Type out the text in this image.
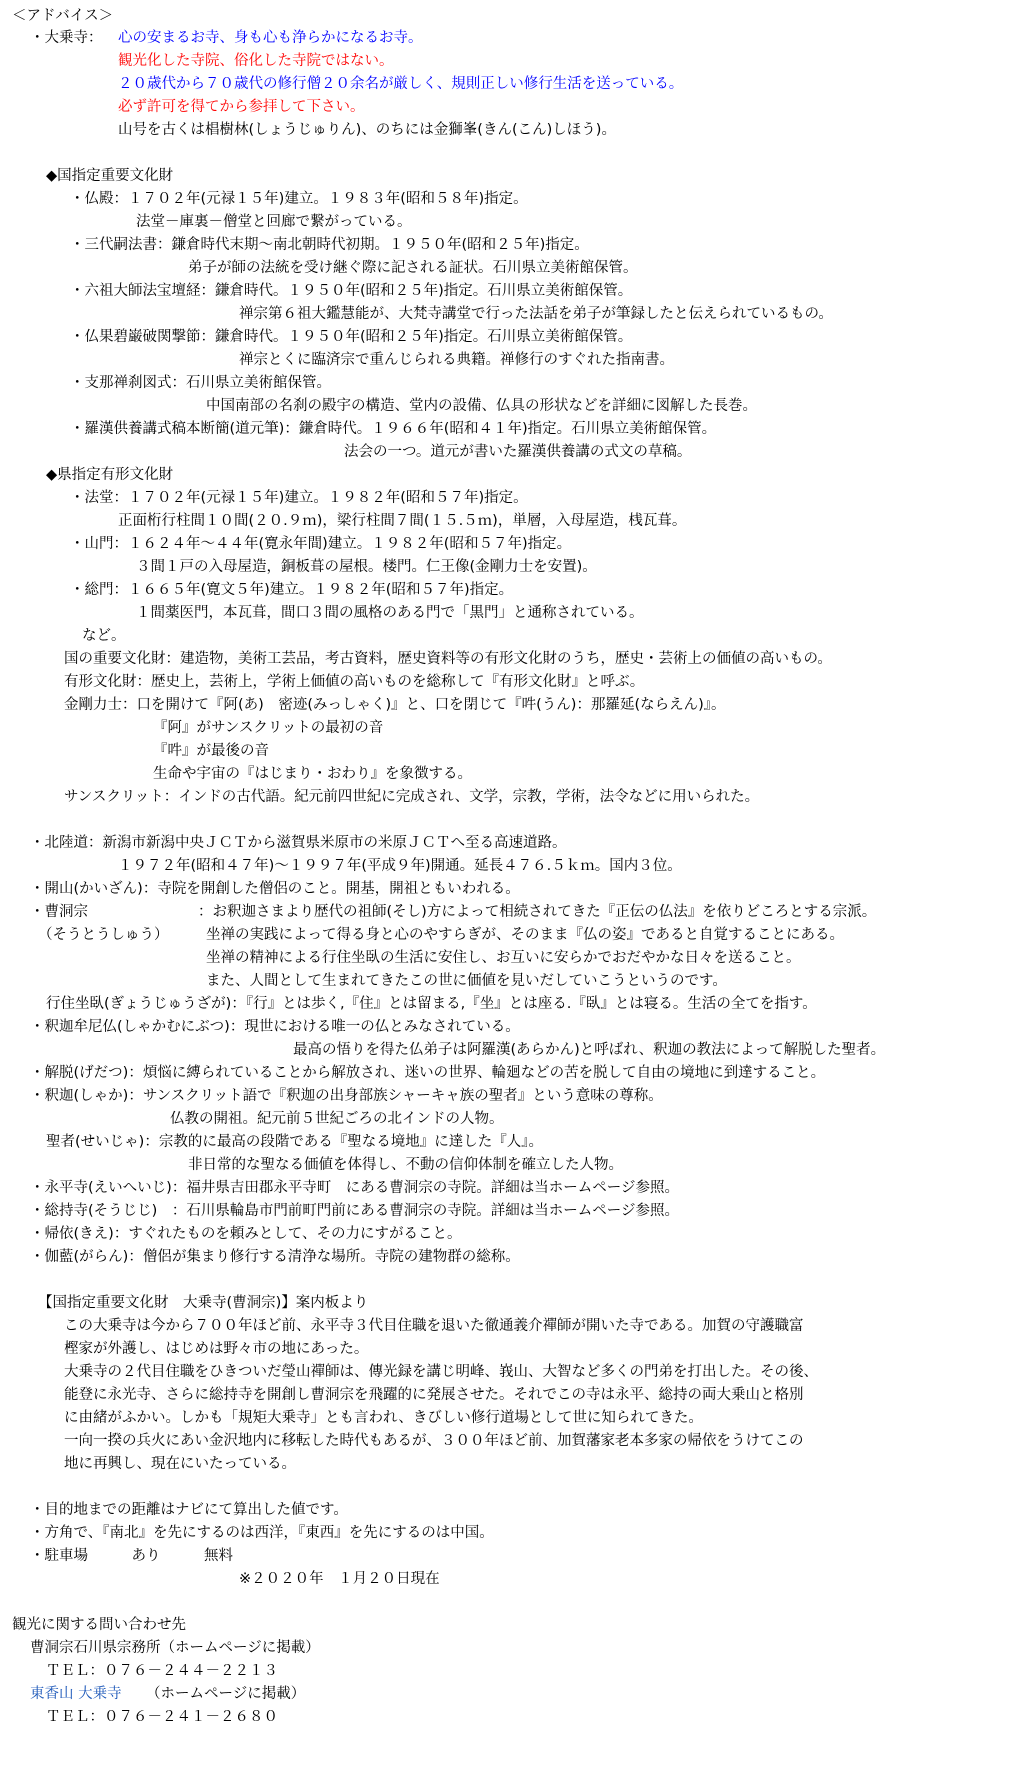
＜アドバイス＞
・大乗寺： 心の安まるお寺、身も心も浄らかになるお寺。
観光化した寺院、俗化した寺院ではない。
２０歳代から７０歳代の修行僧２０余名が厳しく、規則正しい修行生活を送っている。
必ず許可を得てから参拝して下さい。
山号を古くは椙樹林(しょうじゅりん)、のちには金獅峯(きん(こん)しほう)。
◆国指定重要文化財
・仏殿：１７０２年(元禄１５年)建立。１９８３年(昭和５８年)指定。
法堂－庫裏－僧堂と回廊で繋がっている。
・三代嗣法書：鎌倉時代末期～南北朝時代初期。１９５０年(昭和２５年)指定。
弟子が師の法統を受け継ぐ際に記される証状。石川県立美術館保管。
・六祖大師法宝壇経：鎌倉時代。１９５０年(昭和２５年)指定。石川県立美術館保管。
禅宗第６祖大鑑慧能が、大梵寺講堂で行った法話を弟子が筆録したと伝えられているもの。
・仏果碧巌破関撃節：鎌倉時代。１９５０年(昭和２５年)指定。石川県立美術館保管。
禅宗とくに臨済宗で重んじられる典籍。禅修行のすぐれた指南書。
・支那禅刹図式：石川県立美術館保管。
中国南部の名刹の殿宇の構造、堂内の設備、仏具の形状などを詳細に図解した長巻。
・羅漢供養講式稿本断簡(道元筆)：鎌倉時代。１９６６年(昭和４１年)指定。石川県立美術館保管。
法会の一つ。道元が書いた羅漢供養講の式文の草稿。
◆県指定有形文化財
・法堂：１７０２年(元禄１５年)建立。１９８２年(昭和５７年)指定。
正面桁行柱間１０間(２０.９ｍ)，梁行柱間７間(１５.５ｍ)，単層，入母屋造，桟瓦葺。
・山門：１６２４年～４４年(寛永年間)建立。１９８２年(昭和５７年)指定。
３間１戸の入母屋造，銅板葺の屋根。楼門。仁王像(金剛力士を安置)。
・総門：１６６５年(寛文５年)建立。１９８２年(昭和５７年)指定。
１間薬医門，本瓦葺，間口３間の風格のある門で「黒門」と通称されている。
など。
国の重要文化財：建造物，美術工芸品，考古資料，歴史資料等の有形文化財のうち，歴史・芸術上の価値の高いもの。
有形文化財：歴史上，芸術上，学術上価値の高いものを総称して『有形文化財』と呼ぶ。
金剛力士：口を開けて『阿(あ)　密迹(みっしゃく)』と、口を閉じて『吽(うん)：那羅延(ならえん)』。
『阿』がサンスクリットの最初の音
『吽』が最後の音
生命や宇宙の『はじまり・おわり』を象徴する。
サンスクリット：インドの古代語。紀元前四世紀に完成され、文学，宗教，学術，法令などに用いられた。
・北陸道：新潟市新潟中央ＪＣＴから滋賀県米原市の米原ＪＣＴへ至る高速道路。
１９７２年(昭和４７年)～１９９７年(平成９年)開通。延長４７６.５ｋｍ。国内３位。
・開山(かいざん)：寺院を開創した僧侶のこと。開基，開祖ともいわれる。
・曹洞宗	：お釈迦さまより歴代の祖師(そし)方によって相続されてきた『正伝の仏法』を依りどころとする宗派。
（そうとうしゅう）	坐禅の実践によって得る身と心のやすらぎが、そのまま『仏の姿』であると自覚することにある。
坐禅の精神による行住坐臥の生活に安住し、お互いに安らかでおだやかな日々を送ること。
また、人間として生まれてきたこの世に価値を見いだしていこうというのです。
行住坐臥(ぎょうじゅうざが)：『行』とは歩く,『住』とは留まる,『坐』とは座る.『臥』とは寝る。生活の全てを指す。
・釈迦牟尼仏(しゃかむにぶつ)：現世における唯一の仏とみなされている。
最高の悟りを得た仏弟子は阿羅漢(あらかん)と呼ばれ、釈迦の教法によって解脱した聖者。
・解脱(げだつ)：煩悩に縛られていることから解放され、迷いの世界、輪廻などの苦を脱して自由の境地に到達すること。
・釈迦(しゃか)：サンスクリット語で『釈迦の出身部族シャーキャ族の聖者』という意味の尊称。
仏教の開祖。紀元前５世紀ごろの北インドの人物。
聖者(せいじゃ)：宗教的に最高の段階である『聖なる境地』に達した『人』。
非日常的な聖なる価値を体得し、不動の信仰体制を確立した人物。
・永平寺(えいへいじ)：福井県吉田郡永平寺町　にある曹洞宗の寺院。詳細は当ホームページ参照。
・総持寺(そうじじ)　：石川県輪島市門前町門前にある曹洞宗の寺院。詳細は当ホームページ参照。
・帰依(きえ)：すぐれたものを頼みとして、その力にすがること。
・伽藍(がらん)：僧侶が集まり修行する清浄な場所。寺院の建物群の総称。
【国指定重要文化財　大乗寺(曹洞宗)】案内板より
この大乗寺は今から７００年ほど前、永平寺３代目住職を退いた徹通義介禪師が開いた寺である。加賀の守護職富
樫家が外護し、はじめは野々市の地にあった。
大乗寺の２代目住職をひきついだ瑩山禪師は、傳光録を講じ明峰、峩山、大智など多くの門弟を打出した。その後、
能登に永光寺、さらに総持寺を開創し曹洞宗を飛躍的に発展させた。それでこの寺は永平、総持の両大乗山と格別
に由緒がふかい。しかも「規矩大乗寺」とも言われ、きびしい修行道場として世に知られてきた。
一向一揆の兵火にあい金沢地内に移転した時代もあるが、３００年ほど前、加賀藩家老本多家の帰依をうけてこの
地に再興し、現在にいたっている。
・目的地までの距離はナビにて算出した値です。
・方角で、『南北』を先にするのは西洋，『東西』を先にするのは中国。
・駐車場　　　あり　　　無料
※２０２０年　１月２０日現在
観光に関する問い合わせ先
曹洞宗石川県宗務所（ホームページに掲載）
ＴＥＬ：０７６－２４４－２２１３
東香山 大乗寺 （ホームページに掲載）
ＴＥＬ：０７６－２４１－２６８０
